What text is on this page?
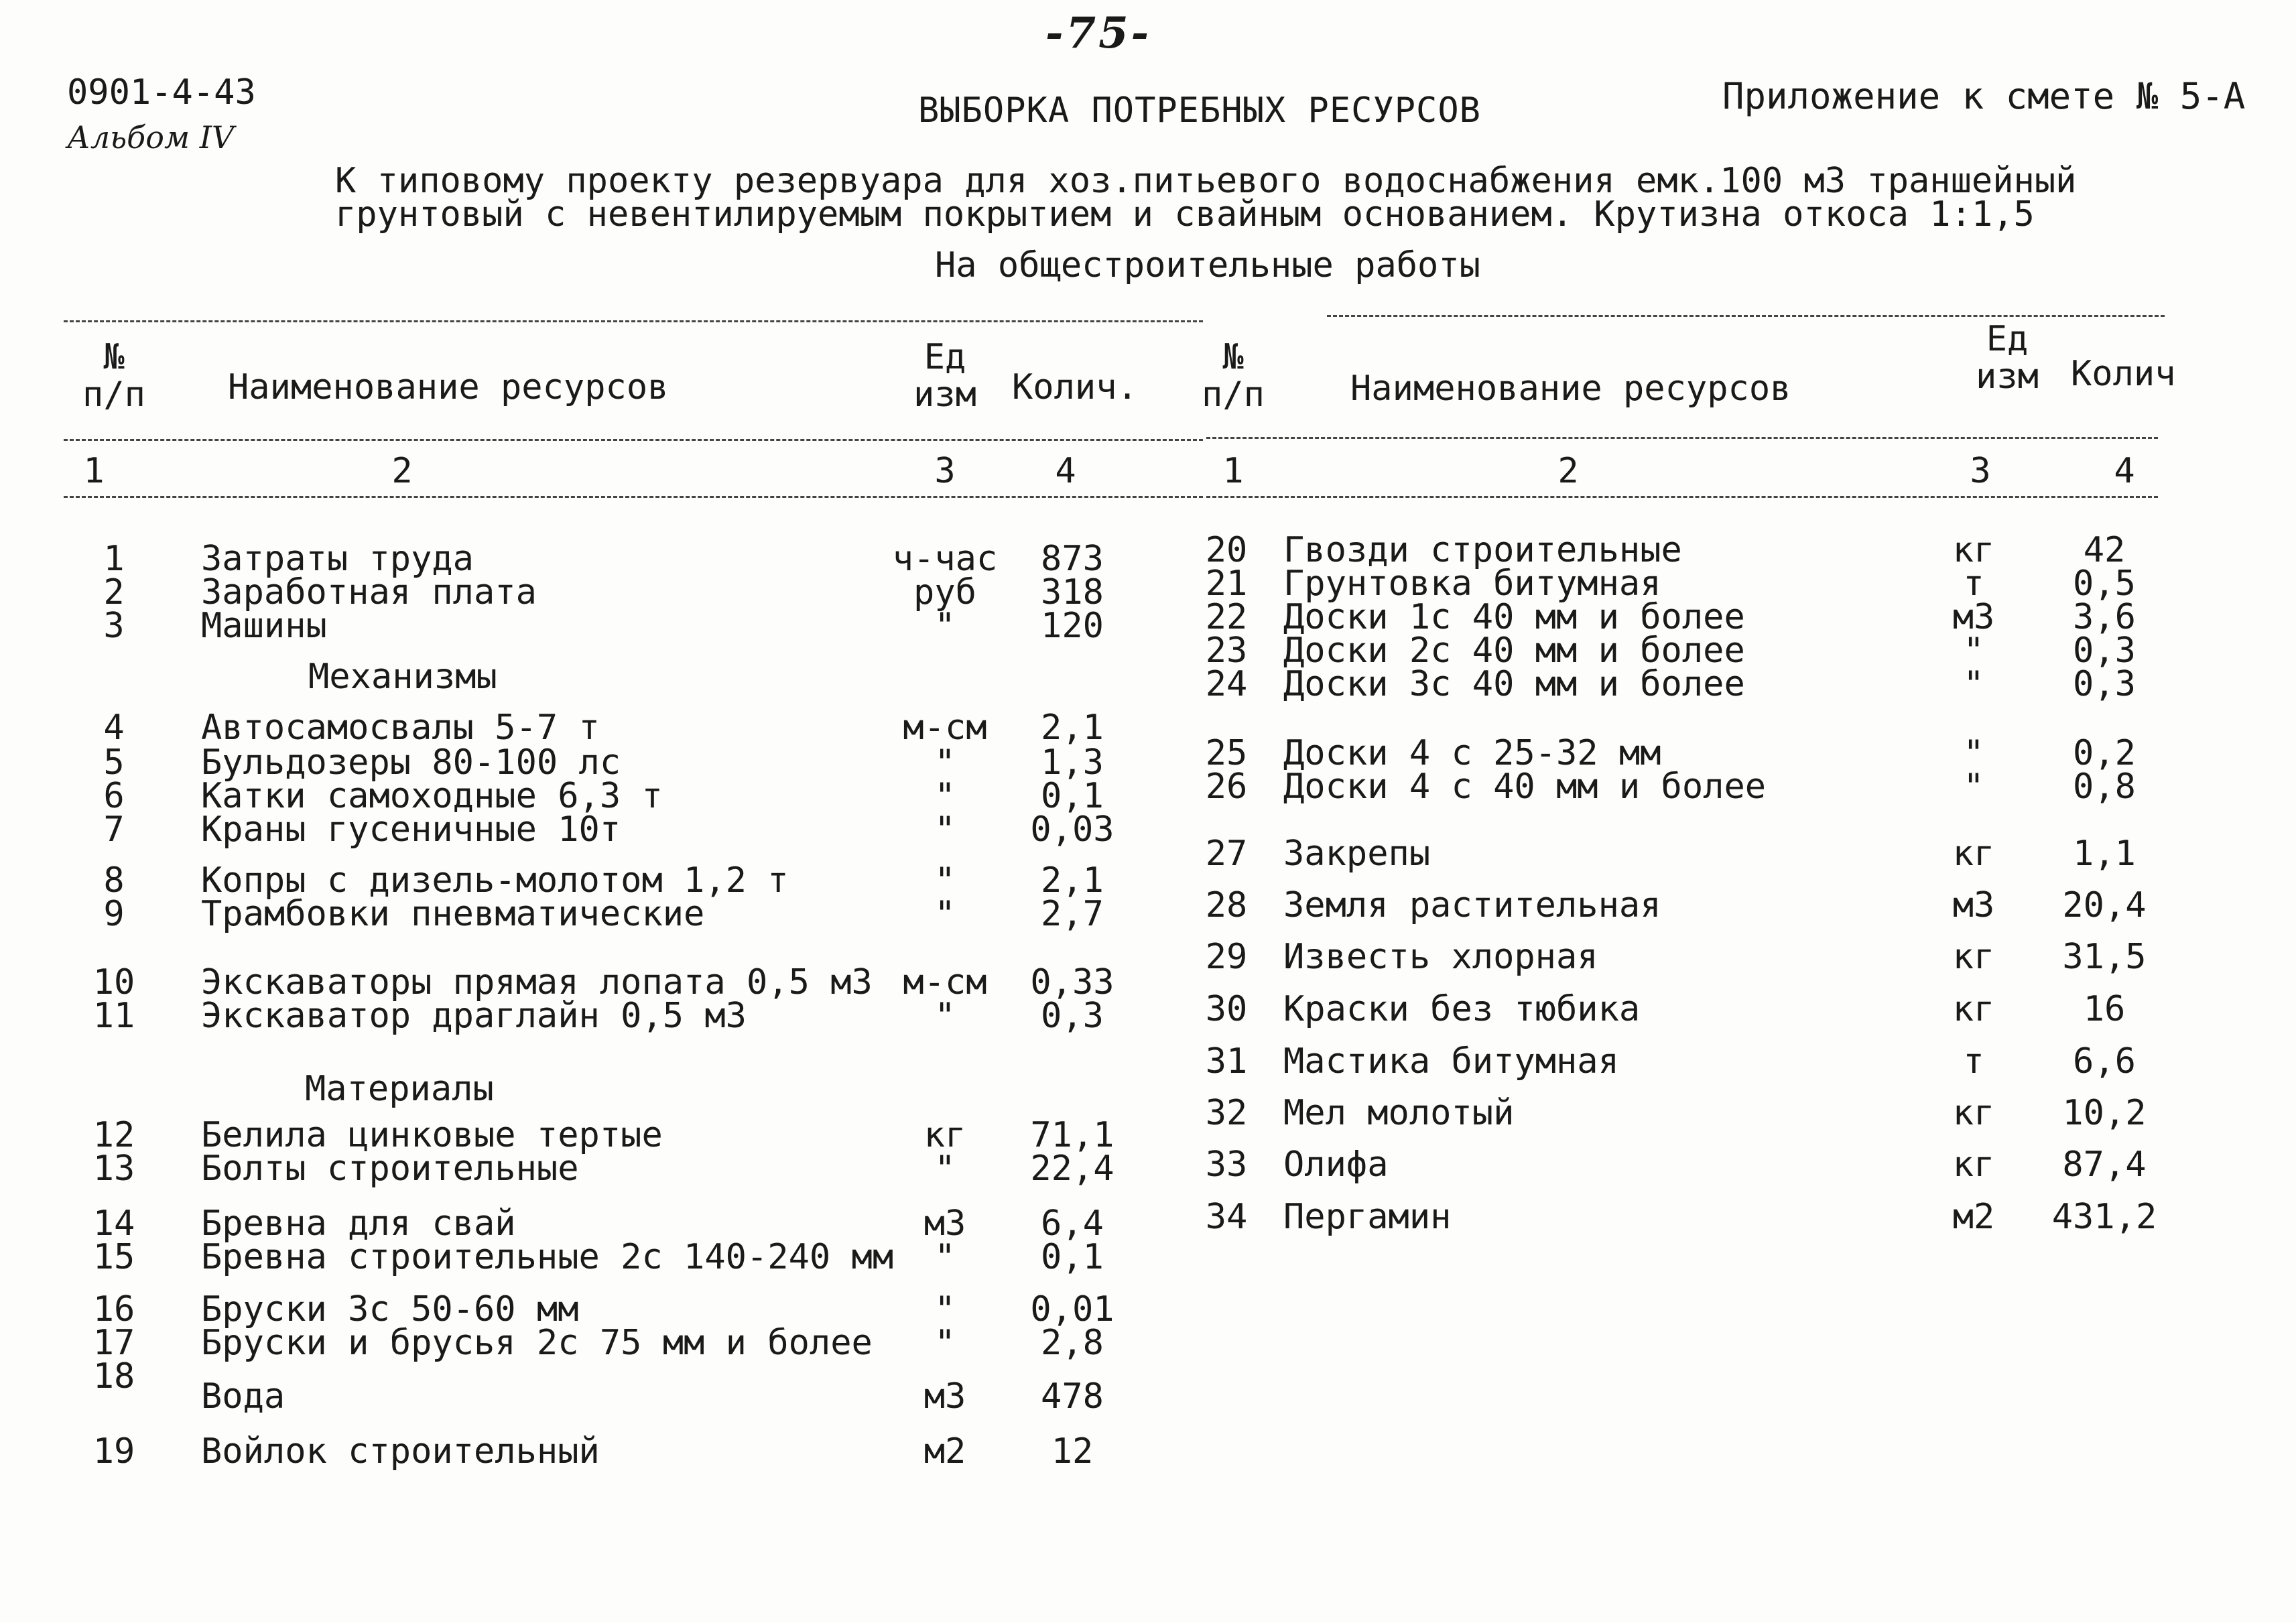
-75-
0901-4-43
Альбом IV
ВЫБОРКА ПОТРЕБНЫХ РЕСУРСОВ	Приложение к смете № 5-А
К типовому проекту резервуара для хоз.питьевого водоснабжения емк.100 м3 траншейный
грунтовый с невентилируемым покрытием и свайным основанием. Крутизна откоса 1:1,5
На общестроительные работы
№
п/п Наименование ресурсов
Ед
изм	Колич.
1	2	3	4
№
п/п Наименование ресурсов
Ед
изм Колич
1	2	3	4
Механизмы
Материалы
1	Затраты труда	ч-час	873
2	Заработная плата	руб	318
3	Машины	"	120
4	Автосамосвалы 5-7 т	м-см	2,1
5	Бульдозеры 80-100 лс	"	1,3
6	Катки самоходные 6,3 т	"	0,1
7	Краны гусеничные 10т	"	0,03
8	Копры с дизель-молотом 1,2 т	"	2,1
9	Трамбовки пневматические	"	2,7
10 Экскаваторы прямая лопата 0,5 м3 м-см	0,33
11 Экскаватор драглайн 0,5 м3	"	0,3
12 Белила цинковые тертые	кг	71,1
13 Болты строительные	"	22,4
14 Бревна для свай	м3	6,4
15 Бревна строительные 2с 140-240 мм	"	0,1
16 Бруски 3с 50-60 мм	"	0,01
17 Бруски и брусья 2с 75 мм и более	"	2,8
18 Вода	м3	478
19 Войлок строительный	м2	12
20 Гвозди строительные	кг	42
21 Грунтовка битумная	т	0,5
22 Доски 1с 40 мм и более	м3	3,6
23 Доски 2с 40 мм и более	"	0,3
24 Доски 3с 40 мм и более	"	0,3
25 Доски 4 с 25-32 мм	"	0,2
26 Доски 4 с 40 мм и более	"	0,8
27 Закрепы	кг	1,1
28 Земля растительная	м3	20,4
29 Известь хлорная	кг	31,5
30 Краски без тюбика	кг	16
31 Мастика битумная	т	6,6
32 Мел молотый	кг	10,2
33 Олифа	кг	87,4
34 Пергамин	м2	431,2
